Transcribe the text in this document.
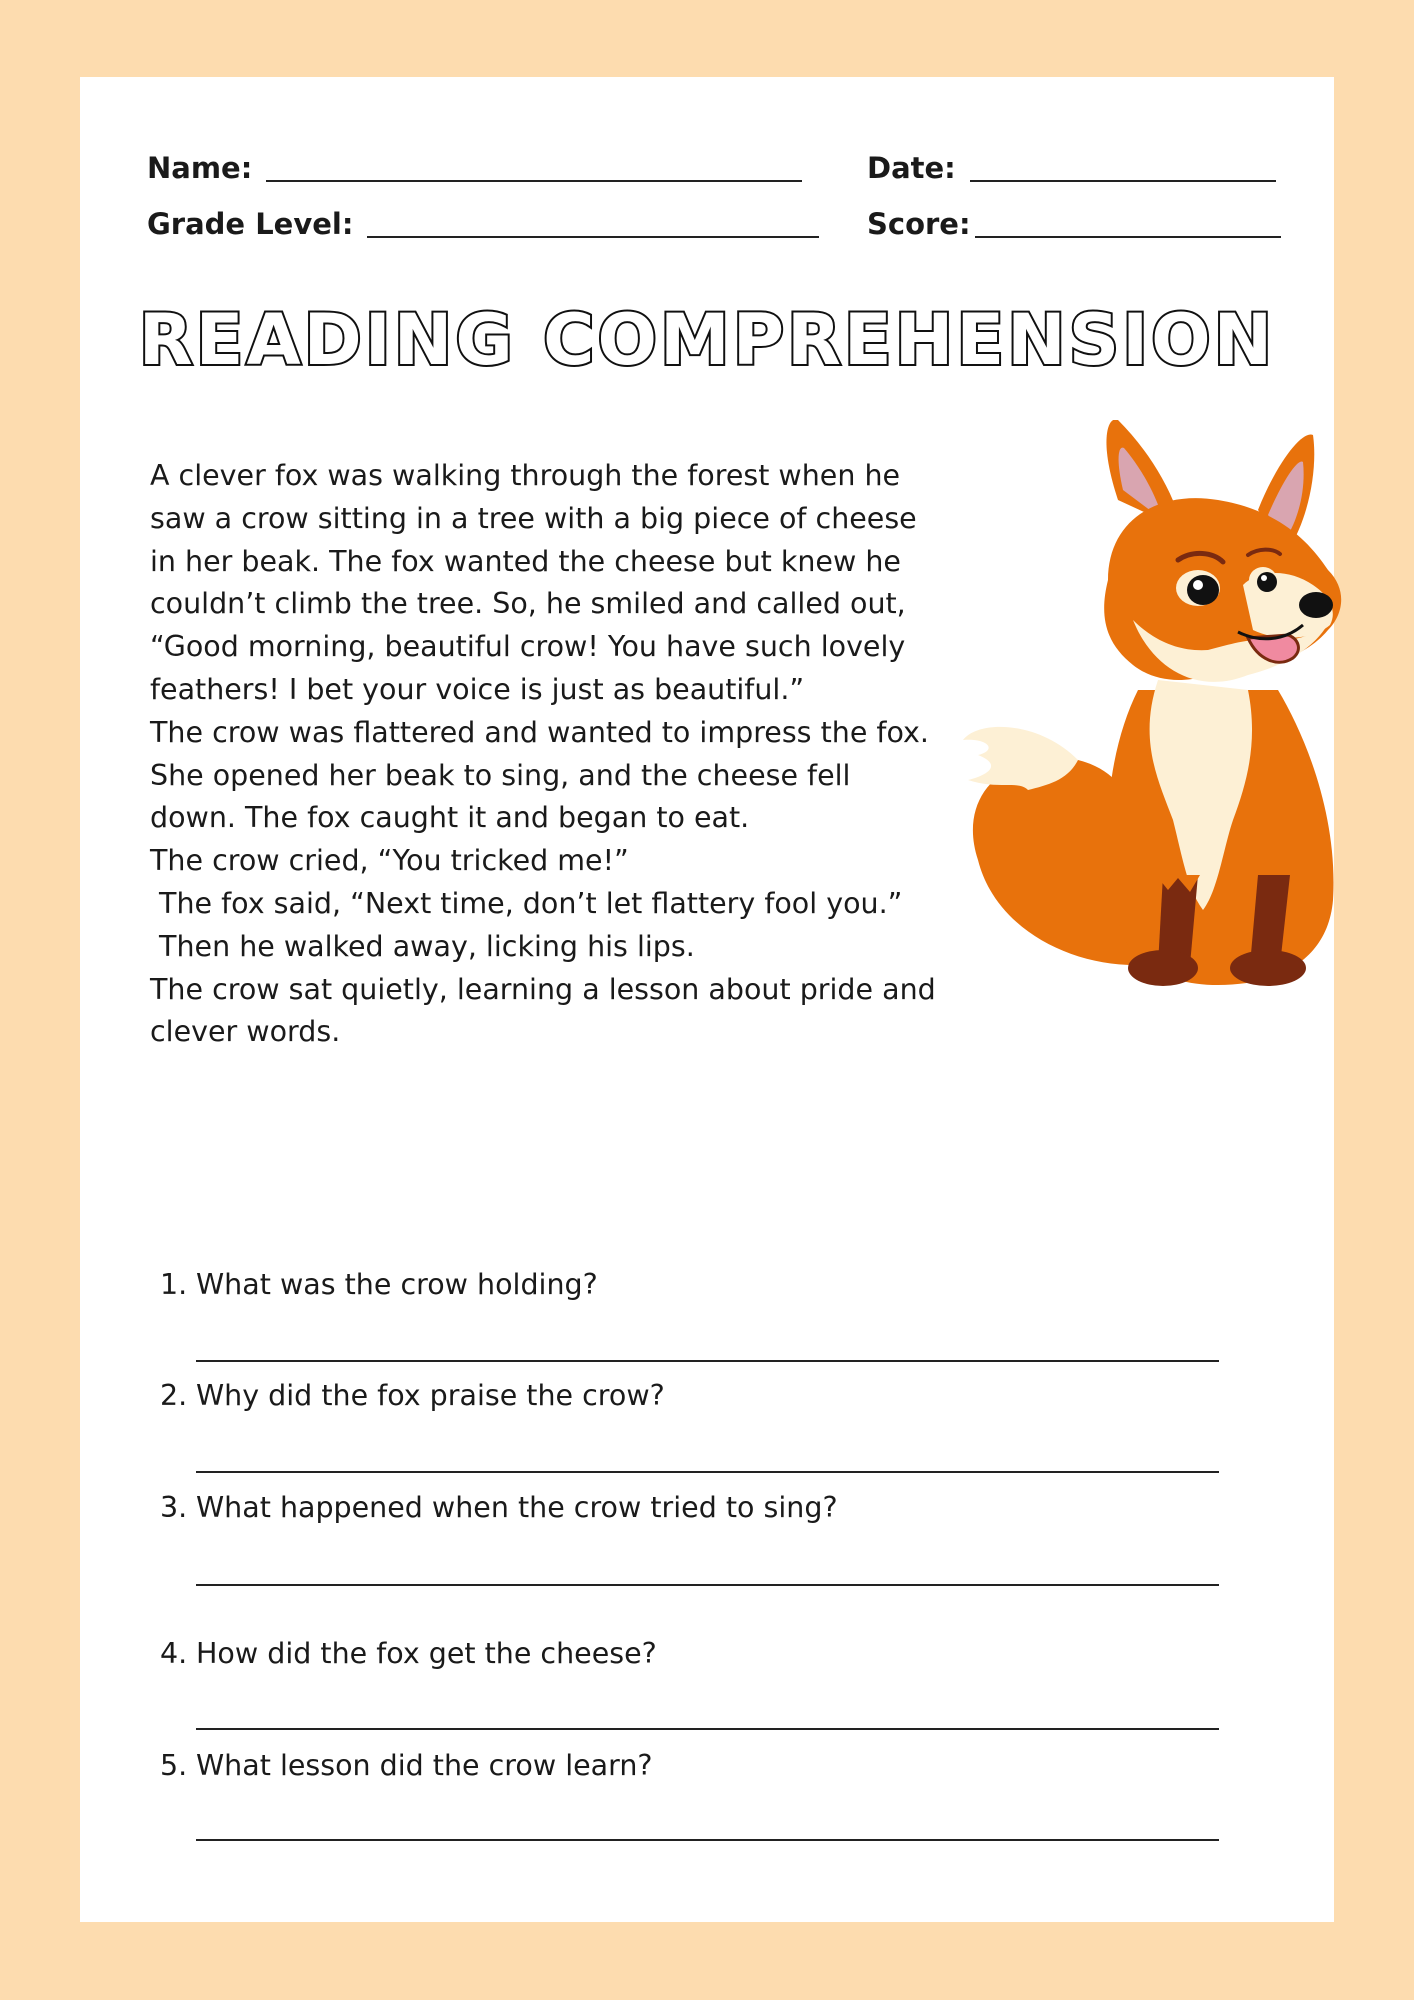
Name:	Date:
Grade Level:	Score:
READING COMPREHENSION

A clever fox was walking through the forest when he

saw a crow sitting in a tree with a big piece of cheese

in her beak. The fox wanted the cheese but knew he

couldn’t climb the tree. So, he smiled and called out,

“Good morning, beautiful crow! You have such lovely

feathers! I bet your voice is just as beautiful.”

The crow was flattered and wanted to impress the fox.

She opened her beak to sing, and the cheese fell

down. The fox caught it and began to eat.

The crow cried, “You tricked me!”

The fox said, “Next time, don’t let flattery fool you.”

Then he walked away, licking his lips.

The crow sat quietly, learning a lesson about pride and

clever words.

1. What was the crow holding?
2. Why did the fox praise the crow?
3. What happened when the crow tried to sing?
4. How did the fox get the cheese?
5. What lesson did the crow learn?
